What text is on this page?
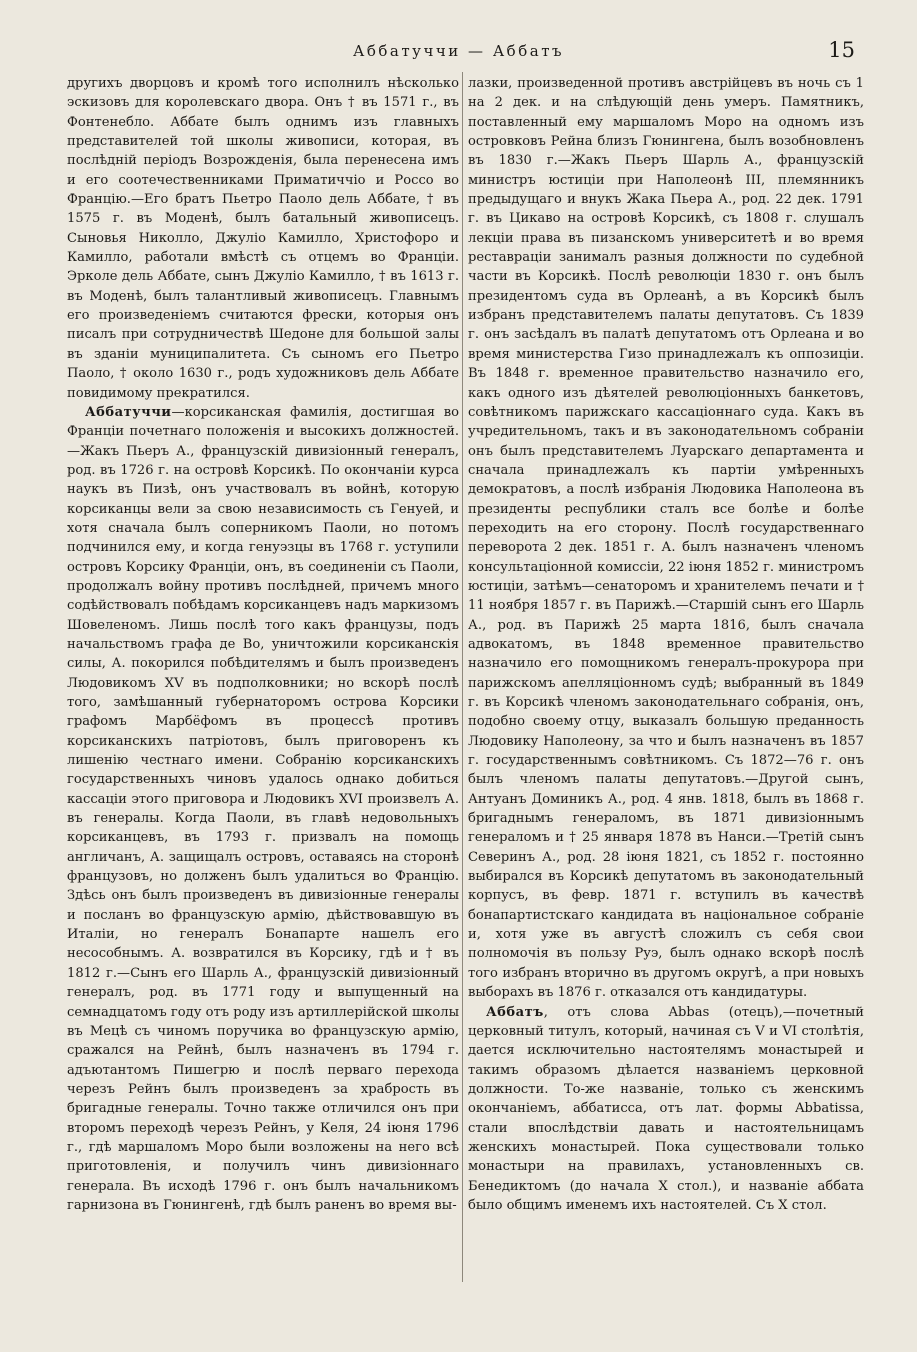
Аббатуччи — Аббатъ	15

другихъ дворцовъ и кромѣ того исполнилъ нѣсколько эскизовъ для королевскаго двора. Онъ † въ 1571 г., въ Фонтенебло. Аббате былъ однимъ изъ главныхъ представителей той школы живописи, которая, въ послѣдній періодъ Возрожденія, была перенесена имъ и его соотечественниками Приматиччіо и Россо во Францію.—Его братъ Пьетро Паоло дель Аббате, † въ 1575 г. въ Моденѣ, былъ батальный живописецъ. Сыновья Николло, Джуліо Камилло, Христофоро и Камилло, работали вмѣстѣ съ отцемъ во Франціи. Эрколе дель Аббате, сынъ Джуліо Камилло, † въ 1613 г. въ Моденѣ, былъ талантливый живописецъ. Главнымъ его произведеніемъ считаются фрески, которыя онъ писалъ при сотрудничествѣ Шедоне для большой залы въ зданіи муниципалитета. Съ сыномъ его Пьетро Паоло, † около 1630 г., родъ художниковъ дель Аббате повидимому прекратился.

Аббатуччи—корсиканская фамилія, достигшая во Франціи почетнаго положенія и высокихъ должностей.—Жакъ Пьеръ А., французскій дивизіонный генералъ, род. въ 1726 г. на островѣ Корсикѣ. По окончаніи курса наукъ въ Пизѣ, онъ участвовалъ въ войнѣ, которую корсиканцы вели за свою независимость съ Генуей, и хотя сначала былъ соперникомъ Паоли, но потомъ подчинился ему, и когда генуэзцы въ 1768 г. уступили островъ Корсику Франціи, онъ, въ соединеніи съ Паоли, продолжалъ войну противъ послѣдней, причемъ много содѣйствовалъ побѣдамъ корсиканцевъ надъ маркизомъ Шовеленомъ. Лишь послѣ того какъ французы, подъ начальствомъ графа де Во, уничтожили корсиканскія силы, А. покорился побѣдителямъ и былъ произведенъ Людовикомъ XV въ подполковники; но вскорѣ послѣ того, замѣшанный губернаторомъ острова Корсики графомъ Марбёфомъ въ процессѣ противъ корсиканскихъ патріотовъ, былъ приговоренъ къ лишенію честнаго имени. Собранію корсиканскихъ государственныхъ чиновъ удалось однако добиться кассаціи этого приговора и Людовикъ XVI произвелъ А. въ генералы. Когда Паоли, въ главѣ недовольныхъ корсиканцевъ, въ 1793 г. призвалъ на помощь англичанъ, А. защищалъ островъ, оставаясь на сторонѣ французовъ, но долженъ былъ удалиться во Францію. Здѣсь онъ былъ произведенъ въ дивизіонные генералы и посланъ во французскую армію, дѣйствовавшую въ Италіи, но генералъ Бонапарте нашелъ его несособнымъ. А. возвратился въ Корсику, гдѣ и † въ 1812 г.—Сынъ его Шарль А., французскій дивизіонный генералъ, род. въ 1771 году и выпущенный на семнадцатомъ году отъ роду изъ артиллерійской школы въ Мецѣ съ чиномъ поручика во французскую армію, сражался на Рейнѣ, былъ назначенъ въ 1794 г. адъютантомъ Пишегрю и послѣ перваго перехода черезъ Рейнъ былъ произведенъ за храбрость въ бригадные генералы. Точно также отличился онъ при второмъ переходѣ черезъ Рейнъ, у Келя, 24 іюня 1796 г., гдѣ маршаломъ Моро были возложены на него всѣ приготовленія, и получилъ чинъ дивизіоннаго генерала. Въ исходѣ 1796 г. онъ былъ начальникомъ гарнизона въ Гюнингенѣ, гдѣ былъ раненъ во время вы-

лазки, произведенной противъ австрійцевъ въ ночь съ 1 на 2 дек. и на слѣдующій день умеръ. Памятникъ, поставленный ему маршаломъ Моро на одномъ изъ островковъ Рейна близъ Гюнингена, былъ возобновленъ въ 1830 г.—Жакъ Пьеръ Шарль А., французскій министръ юстиціи при Наполеонѣ III, племянникъ предыдущаго и внукъ Жака Пьера А., род. 22 дек. 1791 г. въ Цикаво на островѣ Корсикѣ, съ 1808 г. слушалъ лекціи права въ пизанскомъ университетѣ и во время реставраціи занималъ разныя должности по судебной части въ Корсикѣ. Послѣ революціи 1830 г. онъ былъ президентомъ суда въ Орлеанѣ, а въ Корсикѣ былъ избранъ представителемъ палаты депутатовъ. Съ 1839 г. онъ засѣдалъ въ палатѣ депутатомъ отъ Орлеана и во время министерства Гизо принадлежалъ къ оппозиціи. Въ 1848 г. временное правительство назначило его, какъ одного изъ дѣятелей революціонныхъ банкетовъ, совѣтникомъ парижскаго кассаціоннаго суда. Какъ въ учредительномъ, такъ и въ законодательномъ собраніи онъ былъ представителемъ Луарскаго департамента и сначала принадлежалъ къ партіи умѣренныхъ демократовъ, а послѣ избранія Людовика Наполеона въ президенты республики сталъ все болѣе и болѣе переходить на его сторону. Послѣ государственнаго переворота 2 дек. 1851 г. А. былъ назначенъ членомъ консультаціонной комиссіи, 22 іюня 1852 г. министромъ юстиціи, затѣмъ—сенаторомъ и хранителемъ печати и † 11 ноября 1857 г. въ Парижѣ.—Старшій сынъ его Шарль А., род. въ Парижѣ 25 марта 1816, былъ сначала адвокатомъ, въ 1848 временное правительство назначило его помощникомъ генералъ-прокурора при парижскомъ апелляціонномъ судѣ; выбранный въ 1849 г. въ Корсикѣ членомъ законодательнаго собранія, онъ, подобно своему отцу, выказалъ большую преданность Людовику Наполеону, за что и былъ назначенъ въ 1857 г. государственнымъ совѣтникомъ. Съ 1872—76 г. онъ былъ членомъ палаты депутатовъ.—Другой сынъ, Антуанъ Доминикъ А., род. 4 янв. 1818, былъ въ 1868 г. бригаднымъ генераломъ, въ 1871 дивизіоннымъ генераломъ и † 25 января 1878 въ Нанси.—Третій сынъ Северинъ А., род. 28 іюня 1821, съ 1852 г. постоянно выбирался въ Корсикѣ депутатомъ въ законодательный корпусъ, въ февр. 1871 г. вступилъ въ качествѣ бонапартистскаго кандидата въ національное собраніе и, хотя уже въ августѣ сложилъ съ себя свои полномочія въ пользу Руэ, былъ однако вскорѣ послѣ того избранъ вторично въ другомъ округѣ, а при новыхъ выборахъ въ 1876 г. отказался отъ кандидатуры.

Аббатъ, отъ слова Abbas (отецъ),—почетный церковный титулъ, который, начиная съ V и VI столѣтія, дается исключительно настоятелямъ монастырей и такимъ образомъ дѣлается названіемъ церковной должности. То-же названіе, только съ женскимъ окончаніемъ, аббатисса, отъ лат. формы Abbatissa, стали впослѣдствіи давать и настоятельницамъ женскихъ монастырей. Пока существовали только монастыри на правилахъ, установленныхъ св. Бенедиктомъ (до начала X стол.), и названіе аббата было общимъ именемъ ихъ настоятелей. Съ X стол.
